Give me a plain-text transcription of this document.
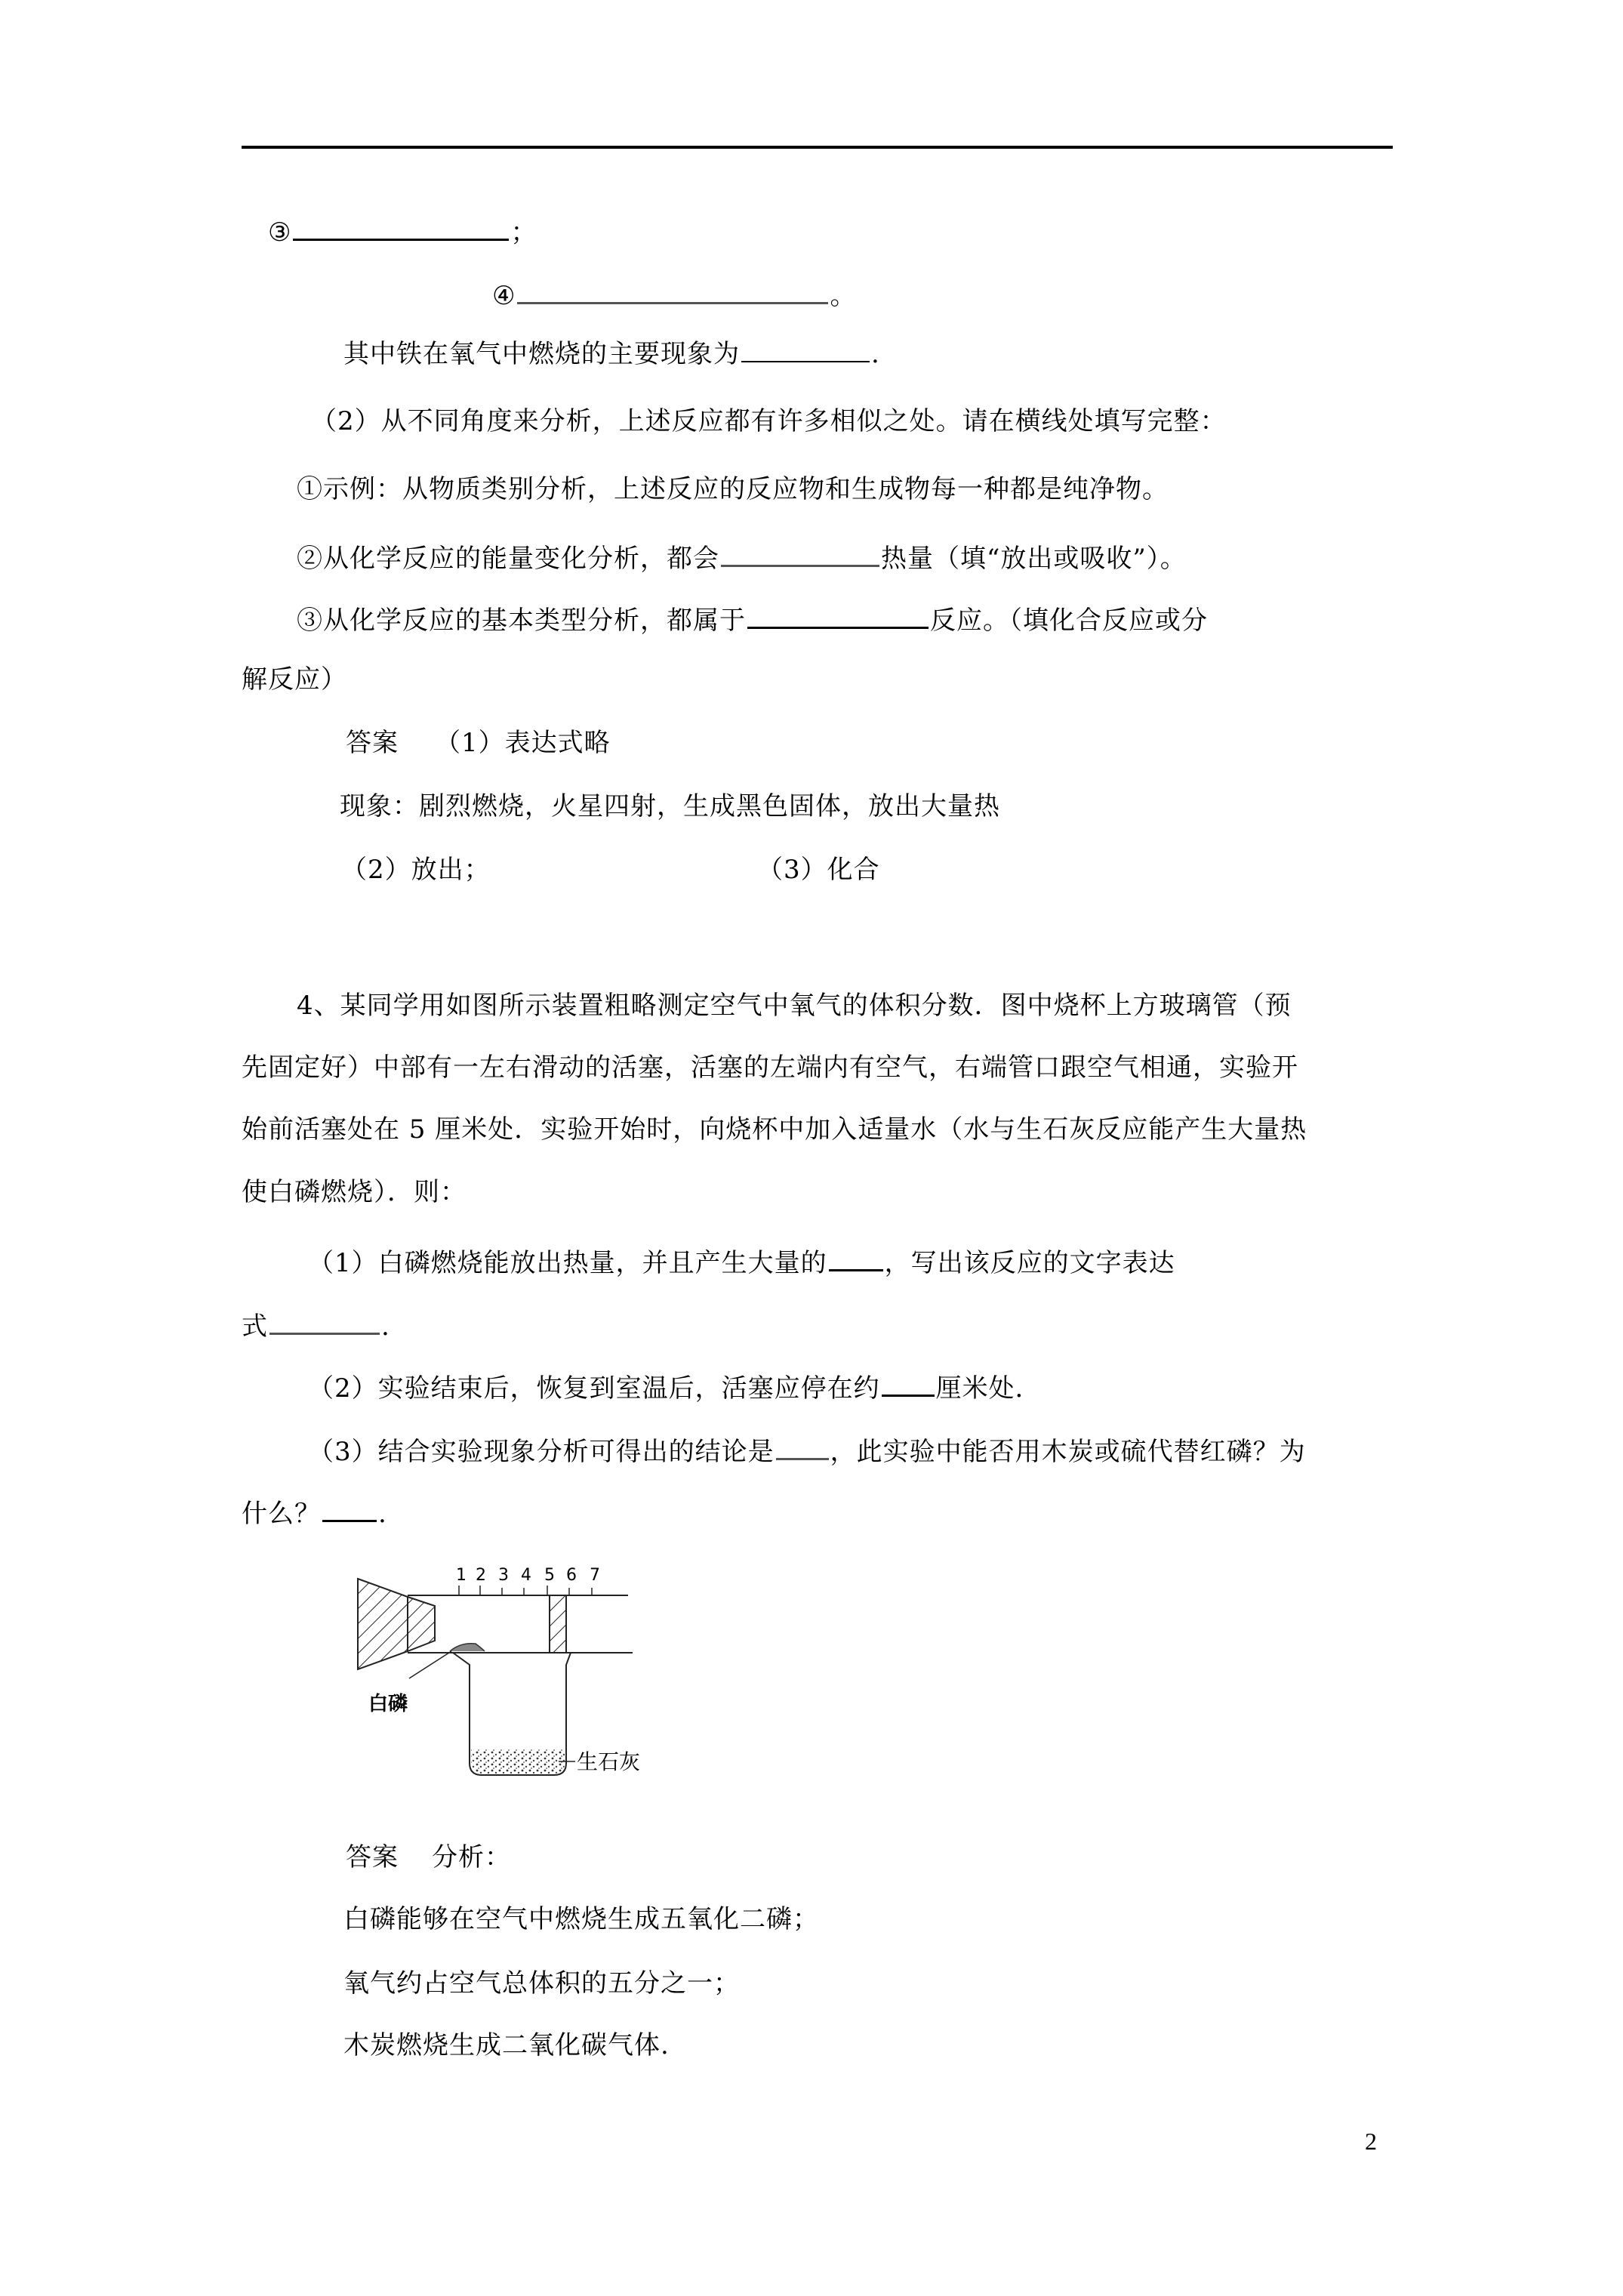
③	；
④	。
其中铁在氧气中燃烧的主要现象为	.
（2）从不同角度来分析，上述反应都有许多相似之处。请在横线处填写完整：
①示例：从物质类别分析，上述反应的反应物和生成物每一种都是纯净物。
②从化学反应的能量变化分析，都会	热量（填“放出或吸收”）。
③从化学反应的基本类型分析，都属于	反应。（填化合反应或分
解反应）
答案 （1）表达式略
现象：剧烈燃烧，火星四射，生成黑色固体，放出大量热
（2）放出；	（3）化合
4、某同学用如图所示装置粗略测定空气中氧气的体积分数．图中烧杯上方玻璃管（预
先固定好）中部有一左右滑动的活塞，活塞的左端内有空气，右端管口跟空气相通，实验开
始前活塞处在 5 厘米处．实验开始时，向烧杯中加入适量水（水与生石灰反应能产生大量热
使白磷燃烧）．则：
（1）白磷燃烧能放出热量，并且产生大量的 ，写出该反应的文字表达
式	.
（2）实验结束后，恢复到室温后，活塞应停在约 厘米处．
（3）结合实验现象分析可得出的结论是 ，此实验中能否用木炭或硫代替红磷？为
什么？ .
1 2 3 4 5 6 7
白磷
生石灰
答案 分析：
白磷能够在空气中燃烧生成五氧化二磷；
氧气约占空气总体积的五分之一；
木炭燃烧生成二氧化碳气体.
2
